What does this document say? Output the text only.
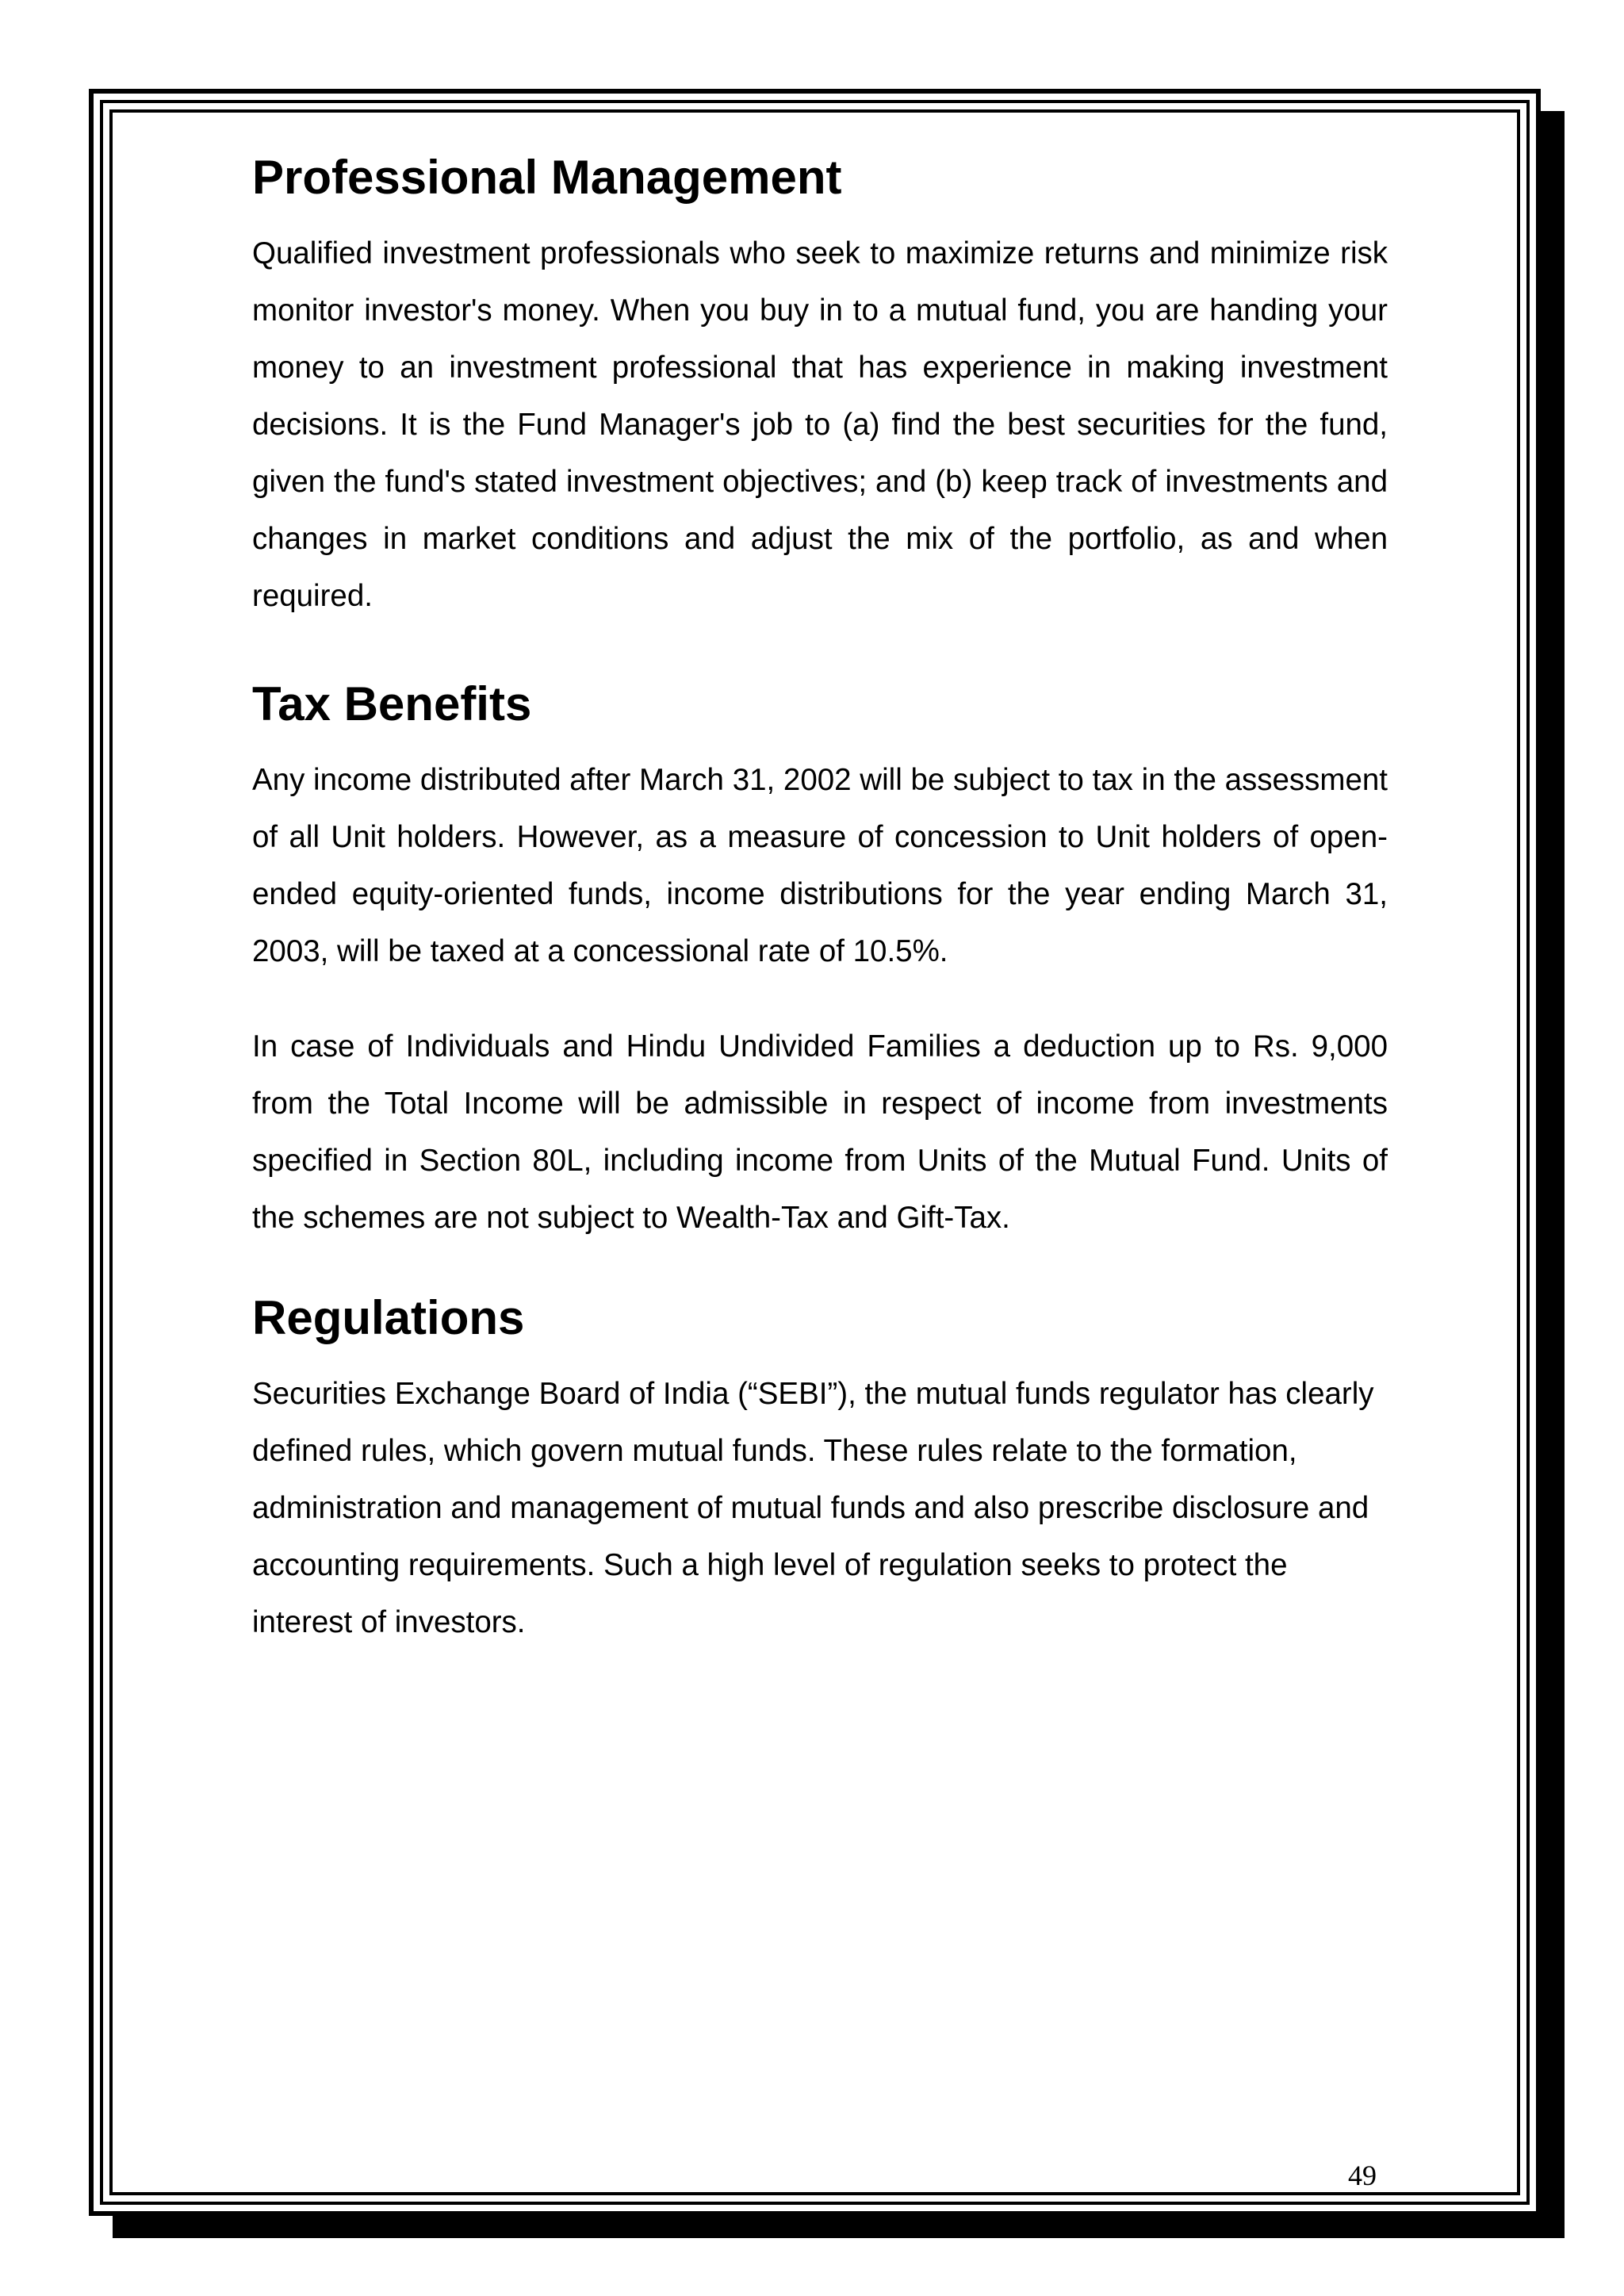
Professional Management

Qualified investment professionals who seek to maximize returns and minimize risk monitor investor's money. When you buy in to a mutual fund, you are handing your money to an investment professional that has experience in making investment decisions. It is the Fund Manager's job to (a) find the best securities for the fund, given the fund's stated investment objectives; and (b) keep track of investments and changes in market conditions and adjust the mix of the portfolio, as and when required.

Tax Benefits

Any income distributed after March 31, 2002 will be subject to tax in the assessment of all Unit holders. However, as a measure of concession to Unit holders of open-ended equity-oriented funds, income distributions for the year ending March 31, 2003, will be taxed at a concessional rate of 10.5%.

In case of Individuals and Hindu Undivided Families a deduction up to Rs. 9,000 from the Total Income will be admissible in respect of income from investments specified in Section 80L, including income from Units of the Mutual Fund. Units of the schemes are not subject to Wealth-Tax and Gift-Tax.

Regulations

Securities Exchange Board of India (“SEBI”), the mutual funds regulator has clearly defined rules, which govern mutual funds. These rules relate to the formation, administration and management of mutual funds and also prescribe disclosure and accounting requirements. Such a high level of regulation seeks to protect the interest of investors.

49
